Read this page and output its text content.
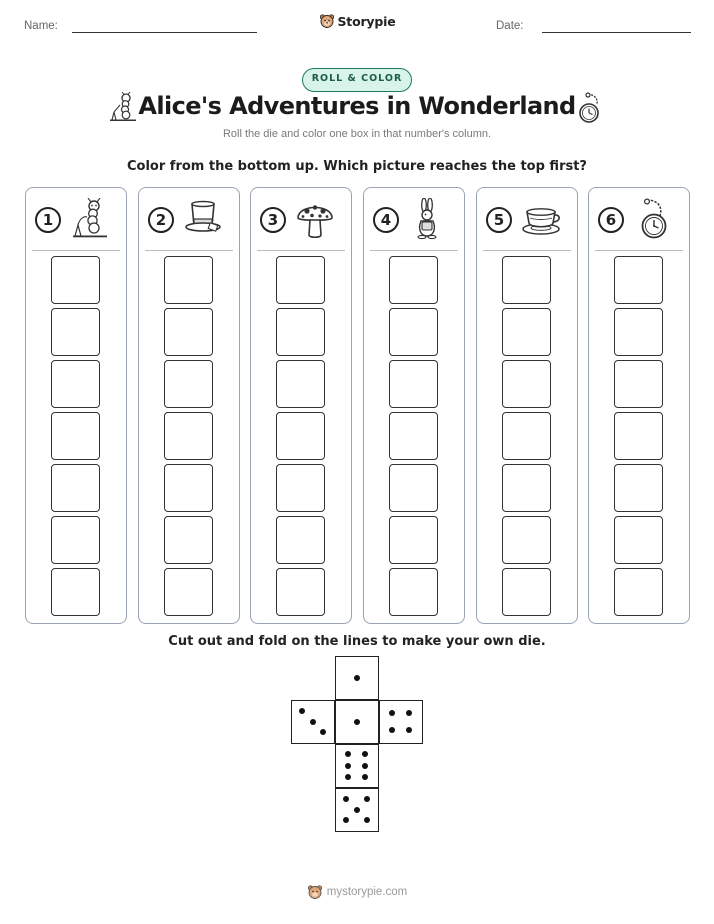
Name:	Storypie	Date:
ROLL & COLOR
Alice's Adventures in Wonderland
Roll the die and color one box in that number's column.
Color from the bottom up. Which picture reaches the top first?
1	2	3	4	5	6
Cut out and fold on the lines to make your own die.
mystorypie.com
